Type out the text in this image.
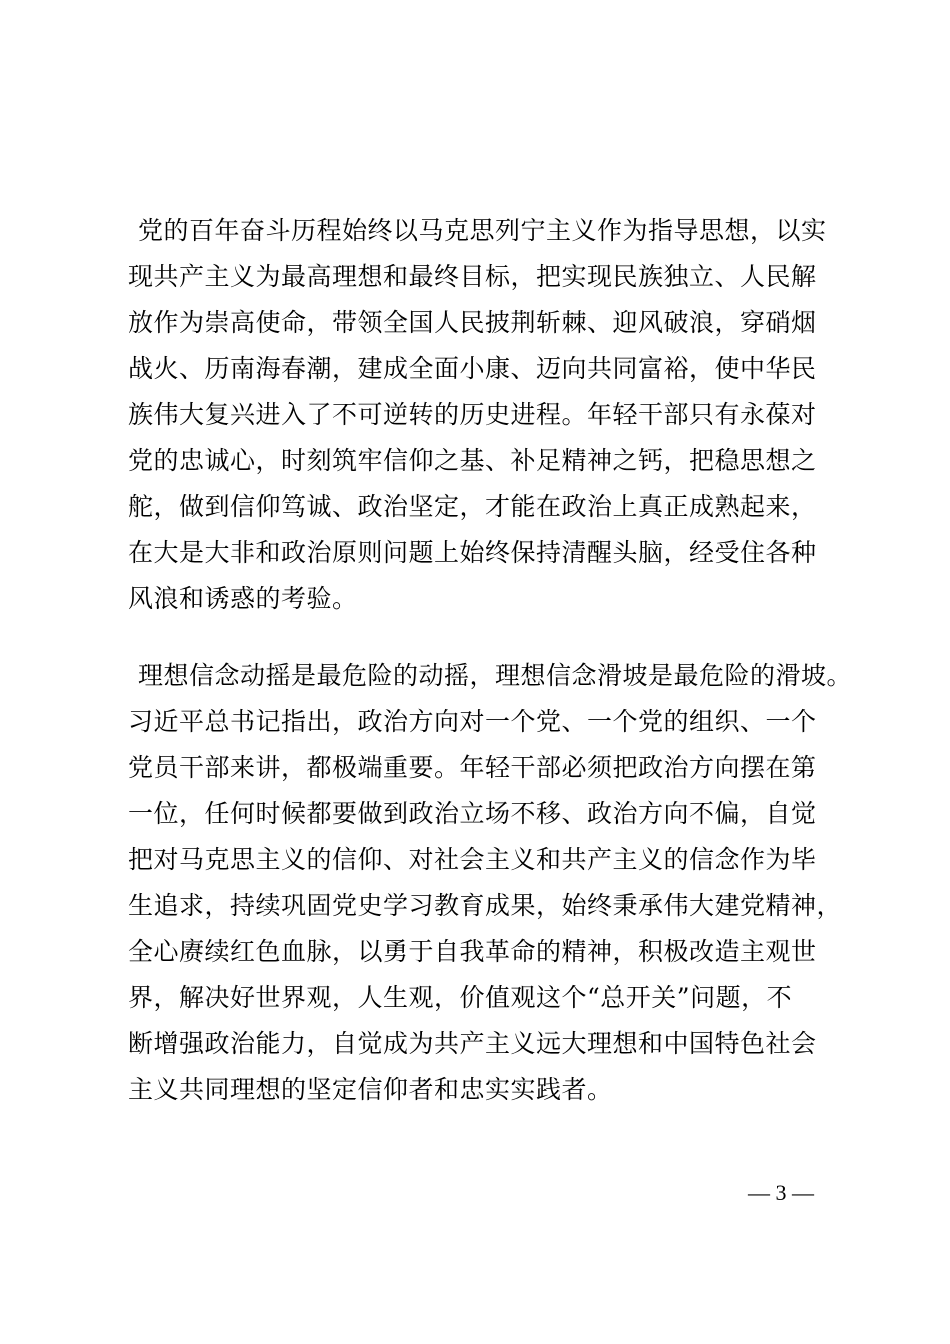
党的百年奋斗历程始终以马克思列宁主义作为指导思想，以实
现共产主义为最高理想和最终目标，把实现民族独立、人民解
放作为崇高使命，带领全国人民披荆斩棘、迎风破浪，穿硝烟
战火、历南海春潮，建成全面小康、迈向共同富裕，使中华民
族伟大复兴进入了不可逆转的历史进程。年轻干部只有永葆对
党的忠诚心，时刻筑牢信仰之基、补足精神之钙，把稳思想之
舵，做到信仰笃诚、政治坚定，才能在政治上真正成熟起来，
在大是大非和政治原则问题上始终保持清醒头脑，经受住各种
风浪和诱惑的考验。
理想信念动摇是最危险的动摇，理想信念滑坡是最危险的滑坡。
习近平总书记指出，政治方向对一个党、一个党的组织、一个
党员干部来讲，都极端重要。年轻干部必须把政治方向摆在第
一位，任何时候都要做到政治立场不移、政治方向不偏，自觉
把对马克思主义的信仰、对社会主义和共产主义的信念作为毕
生追求，持续巩固党史学习教育成果，始终秉承伟大建党精神，
全心赓续红色血脉，以勇于自我革命的精神，积极改造主观世
界，解决好世界观，人生观，价值观这个“总开关”问题，不
断增强政治能力，自觉成为共产主义远大理想和中国特色社会
主义共同理想的坚定信仰者和忠实实践者。
— 3 —
